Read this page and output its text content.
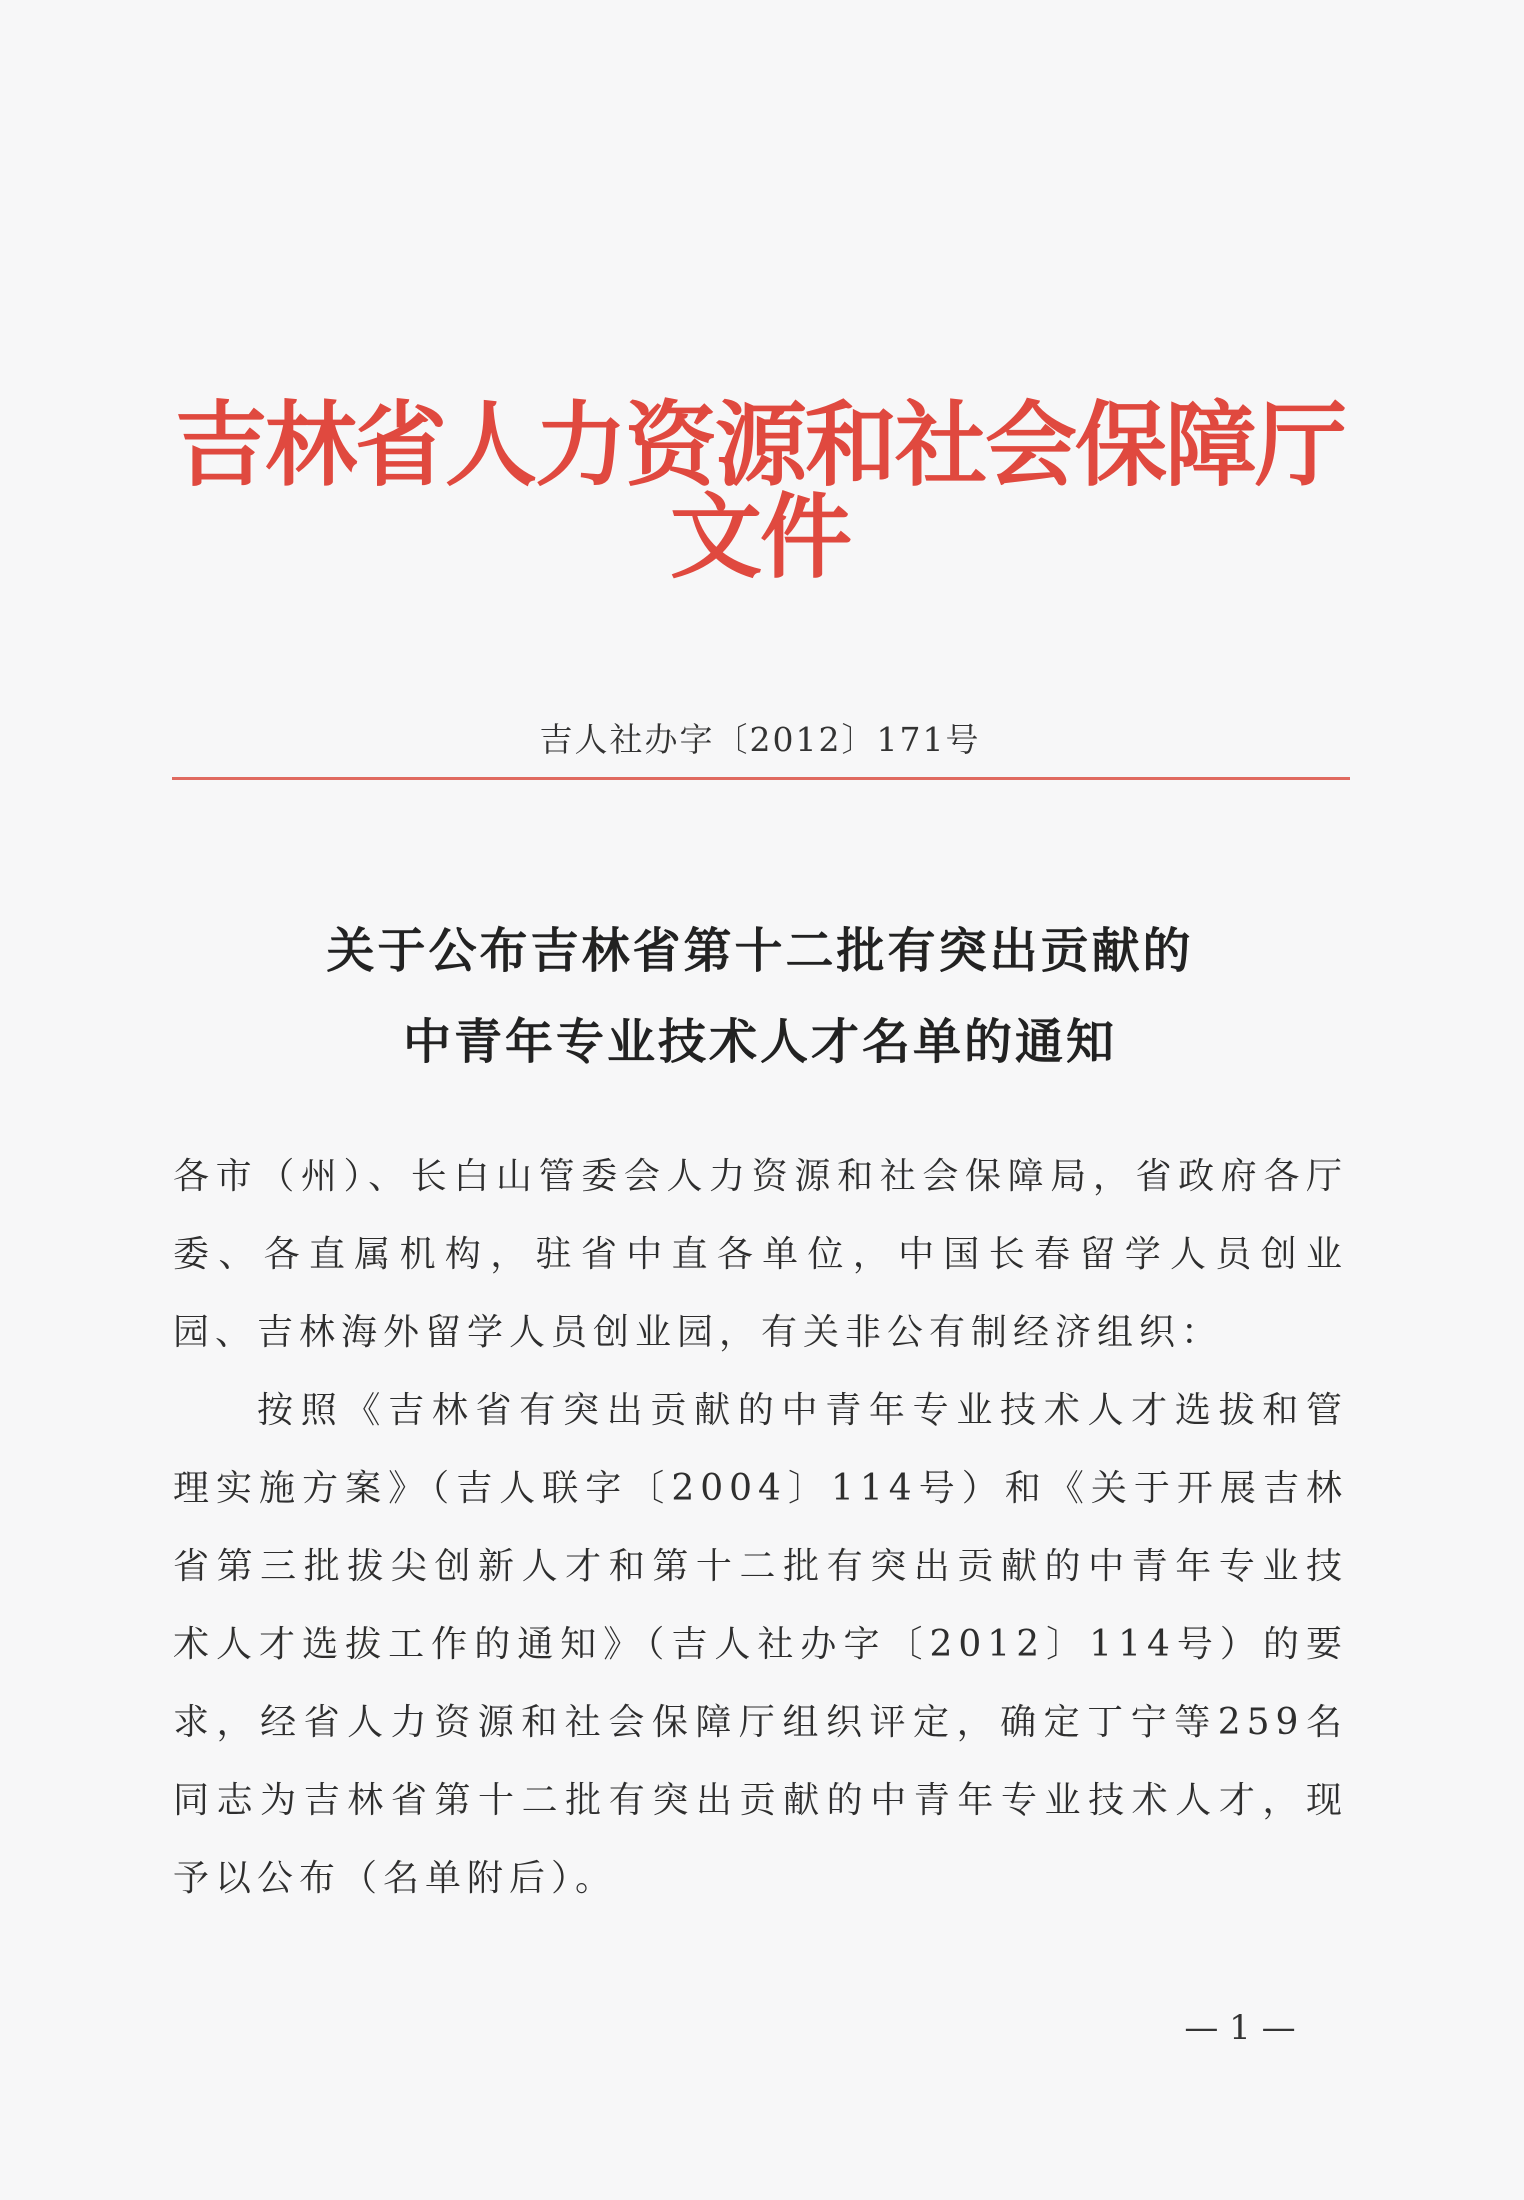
吉林省人力资源和社会保障厅文件
吉人社办字〔2012〕171号
关于公布吉林省第十二批有突出贡献的
中青年专业技术人才名单的通知

各市（州）、长白山管委会人力资源和社会保障局，省政府各厅委、各直属机构，驻省中直各单位，中国长春留学人员创业园、吉林海外留学人员创业园，有关非公有制经济组织：

按照《吉林省有突出贡献的中青年专业技术人才选拔和管理实施方案》（吉人联字〔2004〕114号）和《关于开展吉林省第三批拔尖创新人才和第十二批有突出贡献的中青年专业技术人才选拔工作的通知》（吉人社办字〔2012〕114号）的要求，经省人力资源和社会保障厅组织评定，确定丁宁等259名同志为吉林省第十二批有突出贡献的中青年专业技术人才，现予以公布（名单附后）。

— 1 —
